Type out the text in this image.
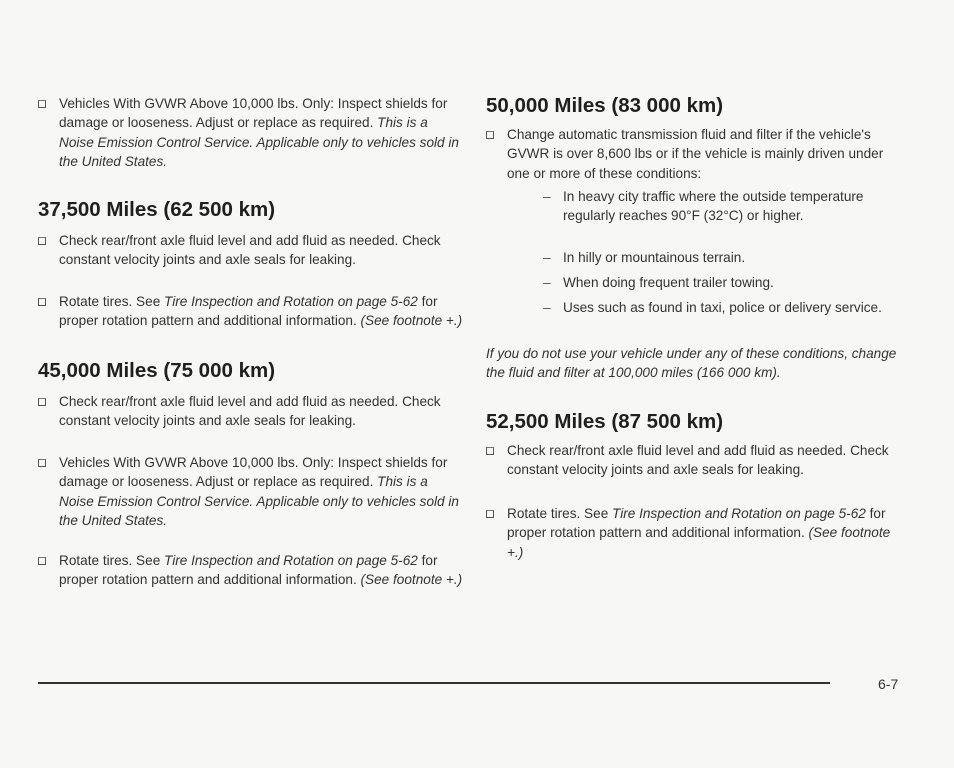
Vehicles With GVWR Above 10,000 lbs. Only: Inspect shields for damage or looseness. Adjust or replace as required. This is a Noise Emission Control Service. Applicable only to vehicles sold in the United States.
37,500 Miles (62 500 km)
Check rear/front axle fluid level and add fluid as needed. Check constant velocity joints and axle seals for leaking.
Rotate tires. See Tire Inspection and Rotation on page 5-62 for proper rotation pattern and additional information. (See footnote +.)
45,000 Miles (75 000 km)
Check rear/front axle fluid level and add fluid as needed. Check constant velocity joints and axle seals for leaking.
Vehicles With GVWR Above 10,000 lbs. Only: Inspect shields for damage or looseness. Adjust or replace as required. This is a Noise Emission Control Service. Applicable only to vehicles sold in the United States.
Rotate tires. See Tire Inspection and Rotation on page 5-62 for proper rotation pattern and additional information. (See footnote +.)
50,000 Miles (83 000 km)
Change automatic transmission fluid and filter if the vehicle's GVWR is over 8,600 lbs or if the vehicle is mainly driven under one or more of these conditions:
– In heavy city traffic where the outside temperature regularly reaches 90°F (32°C) or higher.
– In hilly or mountainous terrain.
– When doing frequent trailer towing.
– Uses such as found in taxi, police or delivery service.
If you do not use your vehicle under any of these conditions, change the fluid and filter at 100,000 miles (166 000 km).
52,500 Miles (87 500 km)
Check rear/front axle fluid level and add fluid as needed. Check constant velocity joints and axle seals for leaking.
Rotate tires. See Tire Inspection and Rotation on page 5-62 for proper rotation pattern and additional information. (See footnote +.)
6-7
